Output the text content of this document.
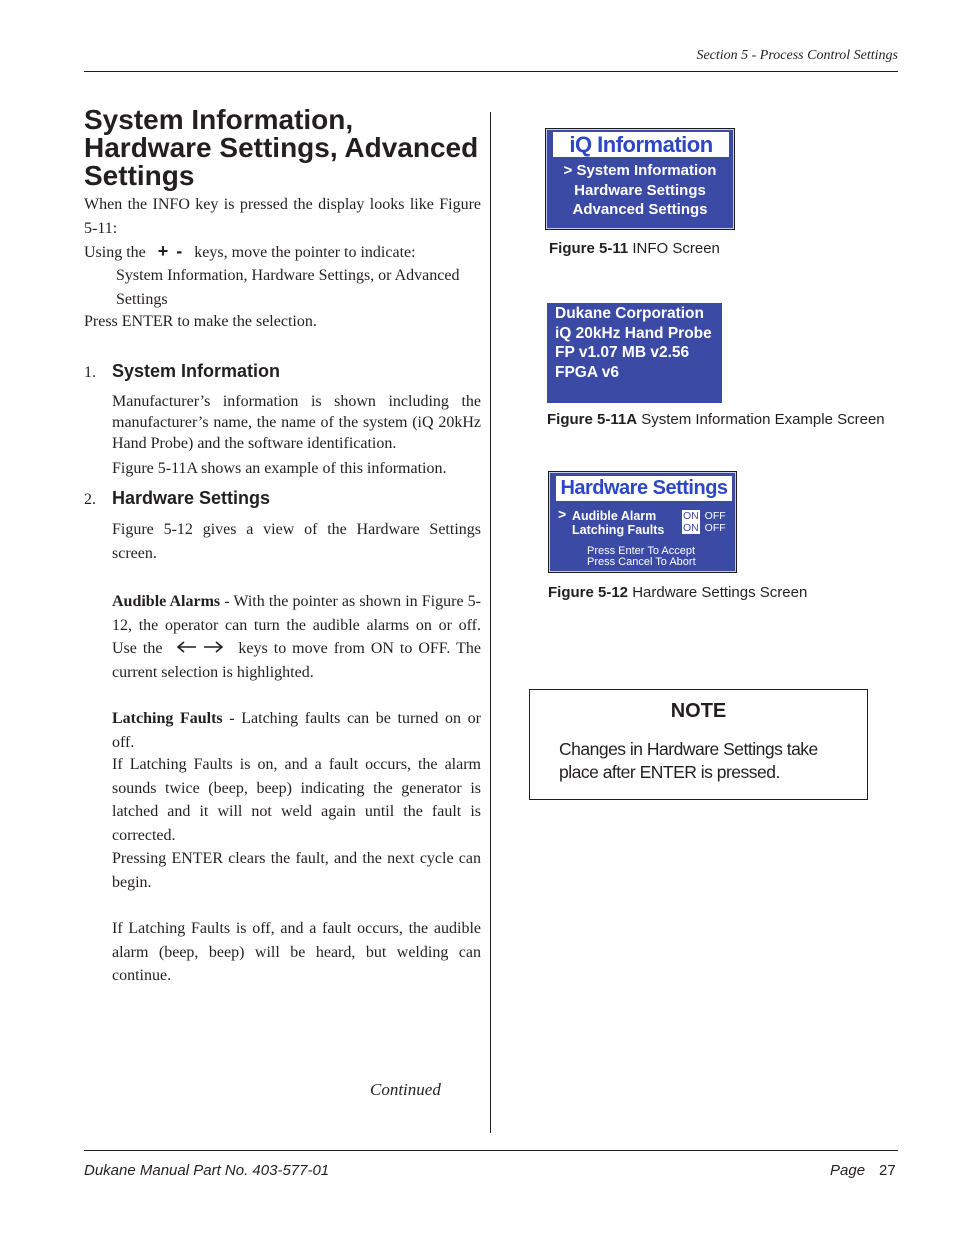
Section 5 - Process Control Settings
System Information, Hardware Settings, Advanced Settings
When the INFO key is pressed the display looks like Figure 5-11:
Using the + - keys, move the pointer to indicate:
System Information, Hardware Settings, or Advanced Settings
Press ENTER to make the selection.
1. System Information
Manufacturer’s information is shown including the manufacturer’s name, the name of the system (iQ 20kHz Hand Probe) and the software identification.
Figure 5-11A shows an example of this information.
2. Hardware Settings
Figure 5-12 gives a view of the Hardware Settings screen.
Audible Alarms - With the pointer as shown in Figure 5-12, the operator can turn the audible alarms on or off. Use the	keys to move from ON to OFF. The current selection is highlighted.
Latching Faults - Latching faults can be turned on or off.
If Latching Faults is on, and a fault occurs, the alarm sounds twice (beep, beep) indicating the generator is latched and it will not weld again until the fault is corrected.
Pressing ENTER clears the fault, and the next cycle can begin.
If Latching Faults is off, and a fault occurs, the audible alarm (beep, beep) will be heard, but welding can continue.
Continued
iQ Information
> System Information
Hardware Settings
Advanced Settings
Figure 5-11 INFO Screen
Dukane Corporation
iQ 20kHz Hand Probe
FP v1.07 MB v2.56
FPGA v6
Figure 5-11A System Information Example Screen
Hardware Settings
> Audible Alarm
Latching Faults
ON OFF
ON OFF
Press Enter To Accept
Press Cancel To Abort
Figure 5-12 Hardware Settings Screen
NOTE
Changes in Hardware Settings take place after ENTER is pressed.
Dukane Manual Part No. 403-577-01	Page 27
